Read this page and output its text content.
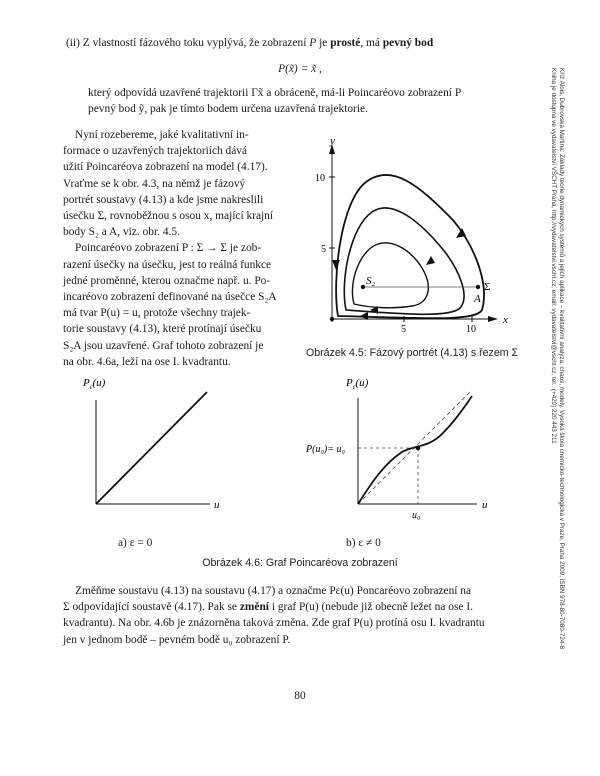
Kříž Alois, Dubrovská Martina: Základy teorie dynamických systémů a jejich aplikace – kvalitativní analýza, chaos, modely. Vysoká škola chemicko-technologická v Praze, Praha 2009, ISBN 978-80-7080-724-8
Kniha je dostupná ve vydavatelství VŠCHT Praha, http://vydavatelstvi.vscht.cz, email: vydavatelstvi@vscht.cz, tel.: (+420) 220 443 211
(ii) Z vlastností fázového toku vyplývá, že zobrazení P je prosté, má pevný bod
P(x̃) = x̃ ,
který odpovídá uzavřené trajektorii Γx̃ a obráceně, má-li Poincaréovo zobrazení P
pevný bod ỹ, pak je tímto bodem určena uzavřená trajektorie.
Nyní rozebereme, jaké kvalitativní in-
formace o uzavřených trajektoriích dává
užití Poincaréova zobrazení na model (4.17).
Vraťme se k obr. 4.3, na němž je fázový
portrét soustavy (4.13) a kde jsme nakreslili
úsečku Σ, rovnoběžnou s osou x, mající krajní
body S₂ a A, viz. obr. 4.5.
Poincaréovo zobrazení P : Σ → Σ je zob-
razení úsečky na úsečku, jest to reálná funkce
jedné proměnné, kterou označme např. u. Po-
incaréovo zobrazení definované na úsečce S₂A
má tvar P(u) = u, protože všechny trajek-
torie soustavy (4.13), které protínají úsečku
S₂A jsou uzavřené. Graf tohoto zobrazení je
na obr. 4.6a, leží na ose I. kvadrantu.
y
x
10
5
5	10
S₂
A
Σ
Obrázek 4.5: Fázový portrét (4.13) s řezem Σ
$P_\varepsilon(u)$
u
a) ε = 0
$P_\varepsilon(u)$
P(u₀)= u₀
u₀
u
b) ε ≠ 0
Obrázek 4.6: Graf Poincaréova zobrazení
Změňme soustavu (4.13) na soustavu (4.17) a označme Pε(u) Poncaréovo zobrazení na
Σ odpovídající soustavě (4.17). Pak se změní i graf P(u) (nebude již obecně ležet na ose I.
kvadrantu). Na obr. 4.6b je znázorněna taková změna. Zde graf P(u) protíná osu I. kvadrantu
jen v jednom bodě – pevném bodě u₀ zobrazení P.
80
